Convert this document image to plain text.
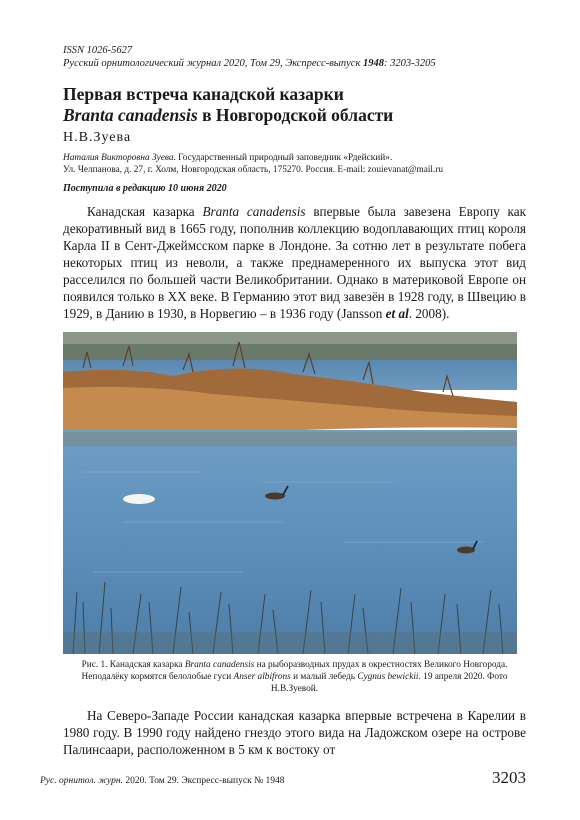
ISSN 1026-5627
Русский орнитологический журнал 2020, Том 29, Экспресс-выпуск 1948: 3203-3205
Первая встреча канадской казарки
Branta canadensis в Новгородской области
Н.В.Зуева
Наталия Викторовна Зуева. Государственный природный заповедник «Рдейский».
Ул. Челпанова, д. 27, г. Холм, Новгородская область, 175270. Россия. E-mail: zouievanat@mail.ru
Поступила в редакцию 10 июня 2020
Канадская казарка Branta canadensis впервые была завезена Европу как декоративный вид в 1665 году, пополнив коллекцию водоплавающих птиц короля Карла II в Сент-Джеймсском парке в Лондоне. За сотню лет в результате побега некоторых птиц из неволи, а также преднамеренного их выпуска этот вид расселился по большей части Великобритании. Однако в материковой Европе он появился только в XX веке. В Германию этот вид завезён в 1928 году, в Швецию в 1929, в Данию в 1930, в Норвегию – в 1936 году (Jansson et al. 2008).
Рис. 1. Канадская казарка Branta canadensis на рыборазводных прудах в окрестностях Великого Новгорода. Неподалёку кормятся белолобые гуси Anser albifrons и малый лебедь Cygnus bewickii. 19 апреля 2020. Фото Н.В.Зуевой.
На Северо-Западе России канадская казарка впервые встречена в Карелии в 1980 году. В 1990 году найдено гнездо этого вида на Ладожском озере на острове Палинсаари, расположенном в 5 км к востоку от
Рус. орнитол. журн. 2020. Том 29. Экспресс-выпуск № 1948	3203
